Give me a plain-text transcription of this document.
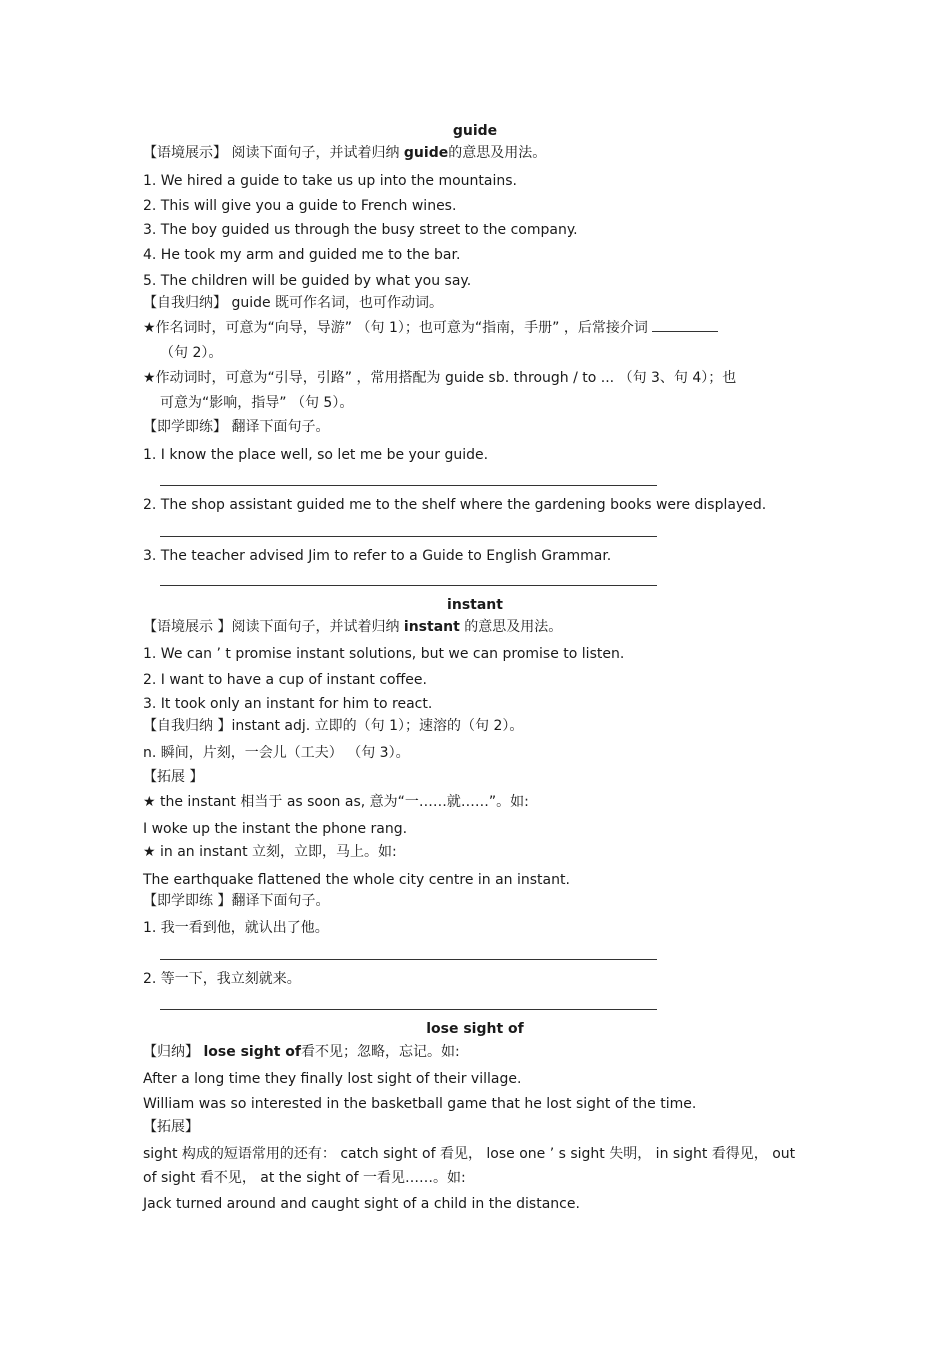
guide
【语境展示】 阅读下面句子，并试着归纳 guide的意思及用法。
1. We hired a guide to take us up into the mountains.
2. This will give you a guide to French wines.
3. The boy guided us through the busy street to the company.
4. He took my arm and guided me to the bar.
5. The children will be guided by what you say.
【自我归纳】 guide 既可作名词，也可作动词。
★作名词时，可意为“向导，导游” （句 1）；也可意为“指南，手册” ，后常接介词
（句 2）。
★作动词时，可意为“引导，引路” ，常用搭配为 guide sb. through / to ... （句 3、句 4）；也
可意为“影响，指导” （句 5）。
【即学即练】 翻译下面句子。
1. I know the place well, so let me be your guide.
2. The shop assistant guided me to the shelf where the gardening books were displayed.
3. The teacher advised Jim to refer to a Guide to English Grammar.
instant
【语境展示 】阅读下面句子，并试着归纳 instant 的意思及用法。
1. We can ’ t promise instant solutions, but we can promise to listen.
2. I want to have a cup of instant coffee.
3. It took only an instant for him to react.
【自我归纳 】instant adj. 立即的（句 1）；速溶的（句 2）。
n. 瞬间，片刻，一会儿（工夫） （句 3）。
【拓展 】
★ the instant 相当于 as soon as, 意为“一……就……”。如:
I woke up the instant the phone rang.
★ in an instant 立刻，立即，马上。如:
The earthquake flattened the whole city centre in an instant.
【即学即练 】翻译下面句子。
1. 我一看到他，就认出了他。
2. 等一下，我立刻就来。
lose sight of
【归纳】 lose sight of看不见；忽略，忘记。如:
After a long time they finally lost sight of their village.
William was so interested in the basketball game that he lost sight of the time.
【拓展】
sight 构成的短语常用的还有： catch sight of 看见， lose one ’ s sight 失明， in sight 看得见， out
of sight 看不见， at the sight of 一看见……。如:
Jack turned around and caught sight of a child in the distance.
